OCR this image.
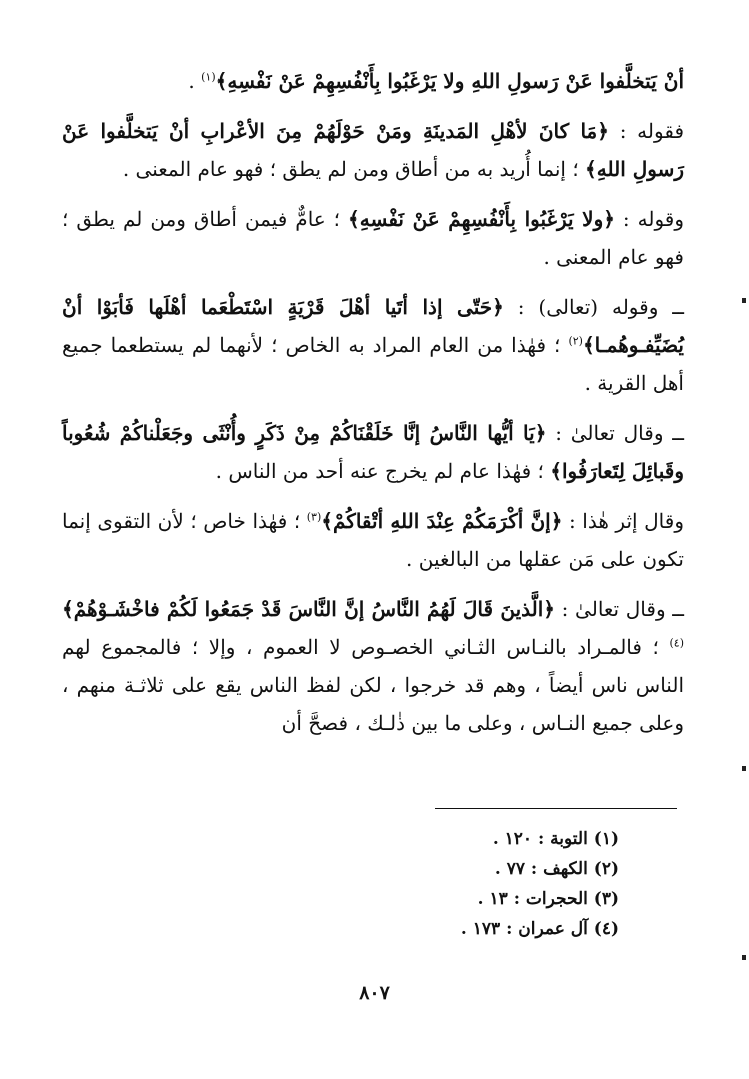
أنْ يَتخلَّفوا عَنْ رَسولِ اللهِ ولا يَرْغَبُوا بِأَنْفُسِهِمْ عَنْ نَفْسِهِ﴾$^{(١)}$ .

فقوله : ﴿مَا كانَ لأهْلِ المَدينَةِ ومَنْ حَوْلَهُمْ مِنَ الأعْرابِ أنْ يَتخلَّفوا عَنْ رَسولِ اللهِ﴾ ؛ إنما أُريد به من أطاق ومن لم يطق ؛ فهو عام المعنى .

وقوله : ﴿ولا يَرْغَبُوا بِأَنْفُسِهِمْ عَنْ نَفْسِهِ﴾ ؛ عامٌّ فيمن أطاق ومن لم يطق ؛ فهو عام المعنى .

ــ وقوله (تعالى) : ﴿حَتّى إذا أتَيا أهْلَ قَرْيَةٍ اسْتَطْعَما أهْلَها فَأبَوْا أنْ يُضَيِّفـوهُمـا﴾$^{(٢)}$ ؛ فهٰذا من العام المراد به الخاص ؛ لأنهما لم يستطعما جميع أهل القرية .

ــ وقال تعالىٰ : ﴿يَا أيُّها النَّاسُ إنَّا خَلَقْنَاكُمْ مِنْ ذَكَرٍ وأُنْثَى وجَعَلْناكُمْ شُعُوباً وقَبائِلَ لِتَعارَفُوا﴾ ؛ فهٰذا عام لم يخرج عنه أحد من الناس .

وقال إثر هٰذا : ﴿إنَّ أكْرَمَكُمْ عِنْدَ اللهِ أتْقاكُمْ﴾$^{(٣)}$ ؛ فهٰذا خاص ؛ لأن التقوى إنما تكون على مَن عقلها من البالغين .

ــ وقال تعالىٰ : ﴿الَّذينَ قَالَ لَهُمُ النَّاسُ إنَّ النَّاسَ قَدْ جَمَعُوا لَكُمْ فاخْشَـوْهُمْ﴾$^{(٤)}$ ؛ فالمـراد بالنـاس الثـاني الخصـوص لا العموم ، وإلا ؛ فالمجموع لهم الناس ناس أيضاً ، وهم قد خرجوا ، لكن لفظ الناس يقع على ثلاثـة منهم ، وعلى جميع النـاس ، وعلى ما بين ذٰلـك ، فصحَّ أن

(١) التوبة : ١٢٠ .
(٢) الكهف : ٧٧ .
(٣) الحجرات : ١٣ .
(٤) آل عمران : ١٧٣ .
٨٠٧
